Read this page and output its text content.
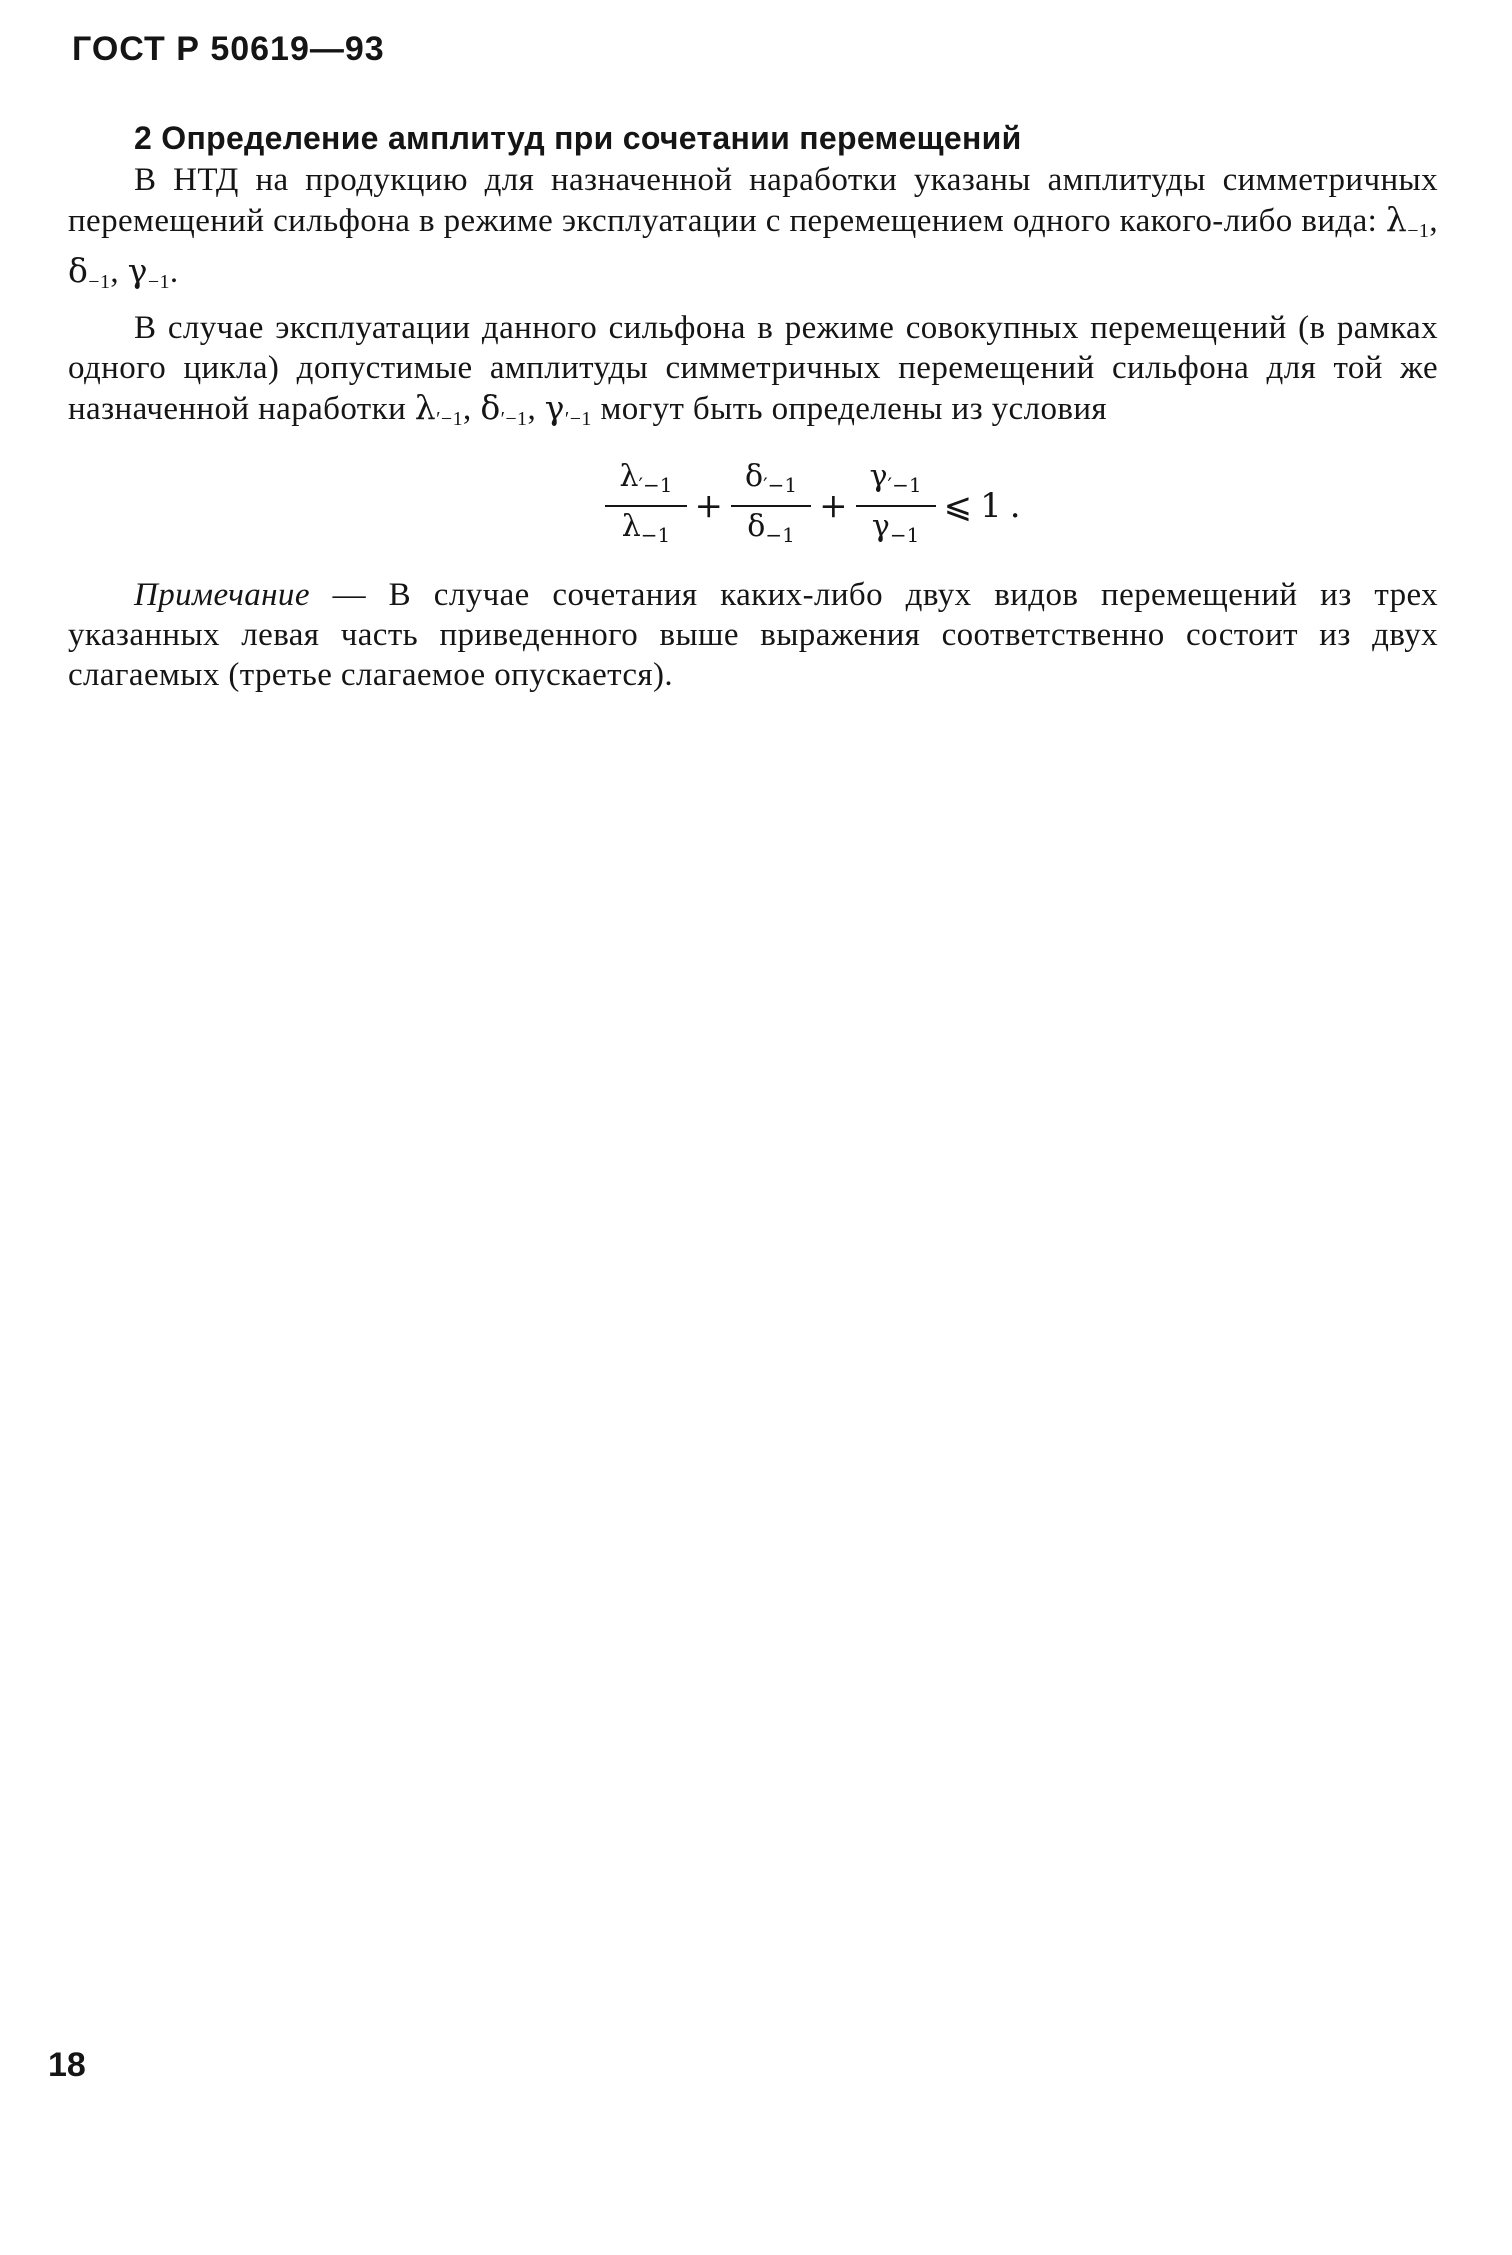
ГОСТ Р 50619—93
2 Определение амплитуд при сочетании перемещений

В НТД на продукцию для назначенной наработки указаны амплитуды симметричных перемещений сильфона в режиме эксплуатации с перемещением одного какого-либо вида: $\lambda_{-1}$, $\delta_{-1}$, $\gamma_{-1}$.

В случае эксплуатации данного сильфона в режиме совокупных перемещений (в рамках одного цикла) допустимые амплитуды симметричных перемещений сильфона для той же назначенной наработки $\lambda_{'-1}$, $\delta_{'-1}$, $\gamma_{'-1}$ могут быть определены из условия

$\frac{\lambda_{'-1}}{\lambda_{-1}} + \frac{\delta_{'-1}}{\delta_{-1}} + \frac{\gamma_{'-1}}{\gamma_{-1}}$ ⩽ 1 .

Примечание — В случае сочетания каких-либо двух видов перемещений из трех указанных левая часть приведенного выше выражения соответственно состоит из двух слагаемых (третье слагаемое опускается).

18
